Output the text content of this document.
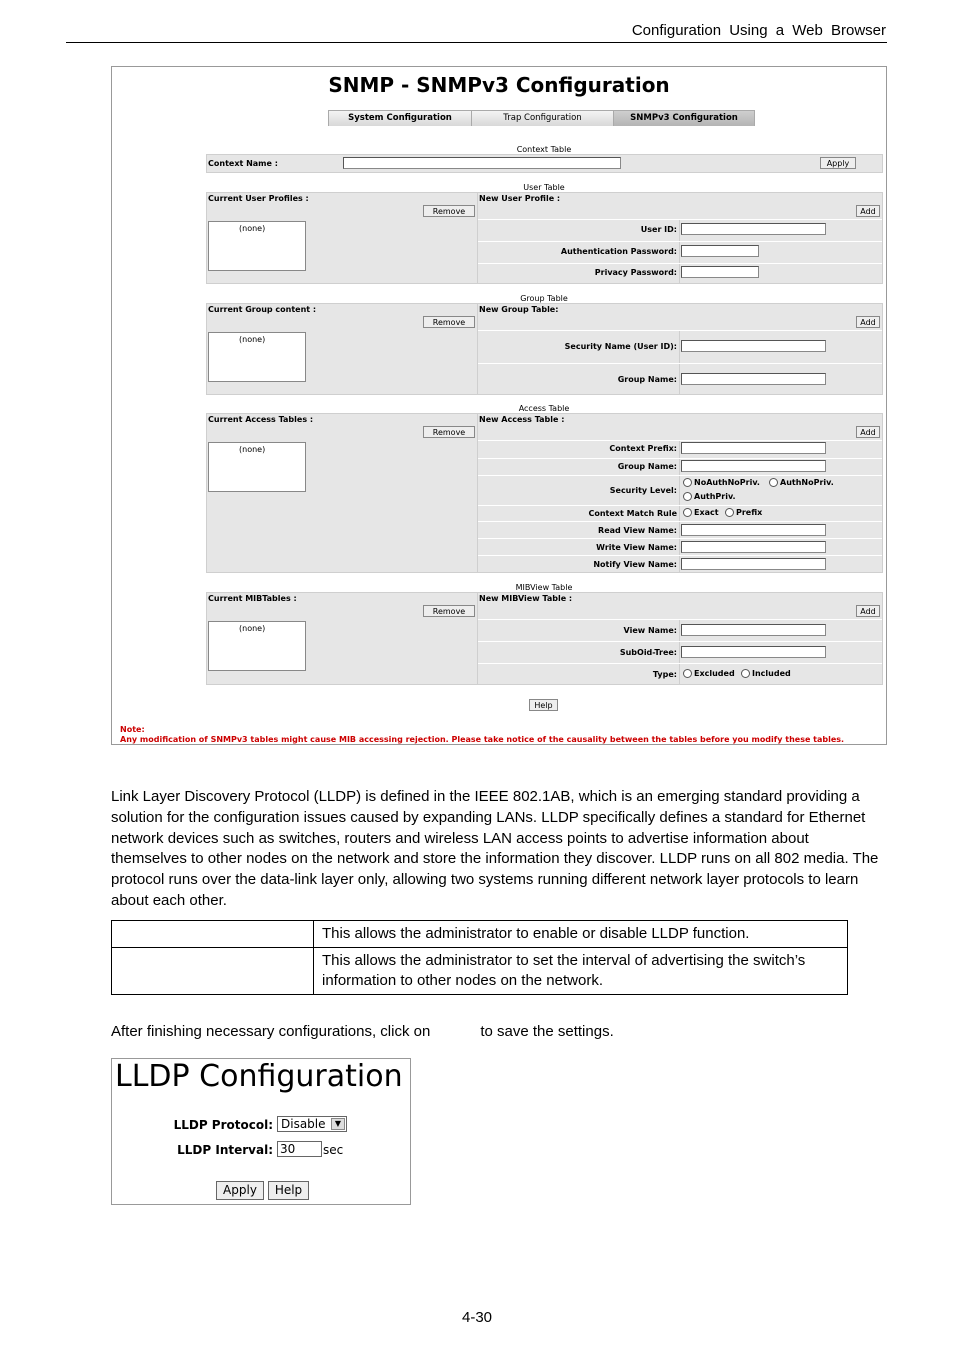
Configuration Using a Web Browser
SNMP - SNMPv3 Configuration
System Configuration	Trap Configuration	SNMPv3 Configuration
Context Table
Context Name :	Apply
User Table
Current User Profiles :
Remove
(none)
New User Profile :
Add
User ID:
Authentication Password:
Privacy Password:
Group Table
Current Group content :
Remove
(none)
New Group Table:
Add
Security Name (User ID):
Group Name:
Access Table
Current Access Tables :
Remove
(none)
New Access Table :
Add
Context Prefix:
Group Name:
Security Level:
NoAuthNoPriv.	AuthNoPriv.
AuthPriv.
Context Match Rule	Exact	Prefix
Read View Name:
Write View Name:
Notify View Name:
MIBView Table
Current MIBTables :
Remove
(none)
New MIBView Table :
Add
View Name:
SubOid-Tree:
Type:	Excluded	Included
Help
Note:
Any modification of SNMPv3 tables might cause MIB accessing rejection. Please take notice of the causality between the tables before you modify these tables.
Link Layer Discovery Protocol (LLDP) is defined in the IEEE 802.1AB, which is an emerging standard providing a solution for the configuration issues caused by expanding LANs. LLDP specifically defines a standard for Ethernet network devices such as switches, routers and wireless LAN access points to advertise information about themselves to other nodes on the network and store the information they discover. LLDP runs on all 802 media. The protocol runs over the data-link layer only, allowing two systems running different network layer protocols to learn about each other.
	This allows the administrator to enable or disable LLDP function.
	This allows the administrator to set the interval of advertising the switch’s information to other nodes on the network.
After finishing necessary configurations, click on	to save the settings.
LLDP Configuration
LLDP Protocol: Disable	▼
LLDP Interval: 30	sec
Apply	Help
4-30
